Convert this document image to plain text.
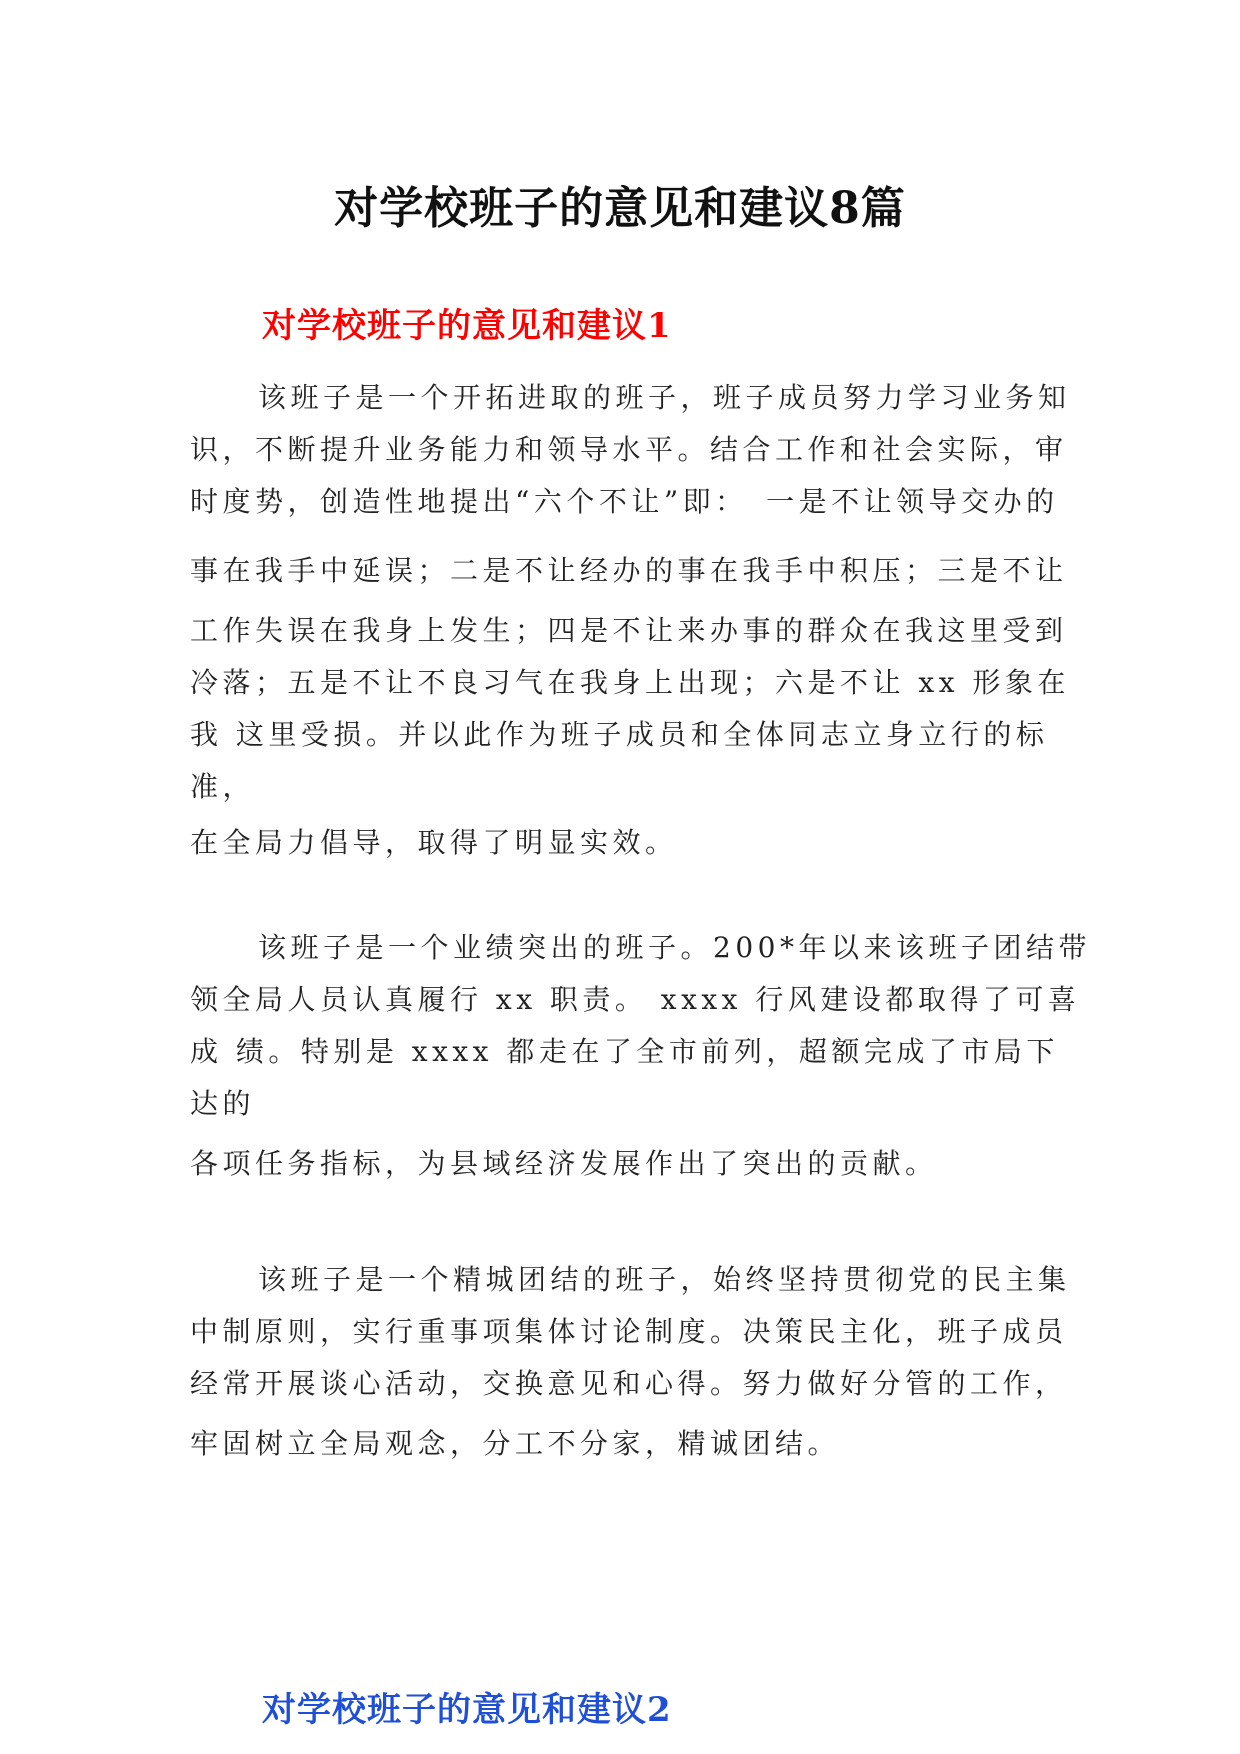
对学校班子的意见和建议8篇
对学校班子的意见和建议1
该班子是一个开拓进取的班子，班子成员努力学习业务知
识，不断提升业务能力和领导水平。结合工作和社会实际，审
时度势，创造性地提出“六个不让”即：　一是不让领导交办的
事在我手中延误；二是不让经办的事在我手中积压；三是不让
工作失误在我身上发生；四是不让来办事的群众在我这里受到
冷落；五是不让不良习气在我身上出现；六是不让 xx 形象在
我 这里受损。并以此作为班子成员和全体同志立身立行的标
准，
在全局力倡导，取得了明显实效。
该班子是一个业绩突出的班子。200*年以来该班子团结带
领全局人员认真履行 xx 职责。 xxxx 行风建设都取得了可喜
成 绩。特别是 xxxx 都走在了全市前列，超额完成了市局下
达的
各项任务指标，为县域经济发展作出了突出的贡献。
该班子是一个精城团结的班子，始终坚持贯彻党的民主集
中制原则，实行重事项集体讨论制度。决策民主化，班子成员
经常开展谈心活动，交换意见和心得。努力做好分管的工作，
牢固树立全局观念，分工不分家，精诚团结。
对学校班子的意见和建议2
